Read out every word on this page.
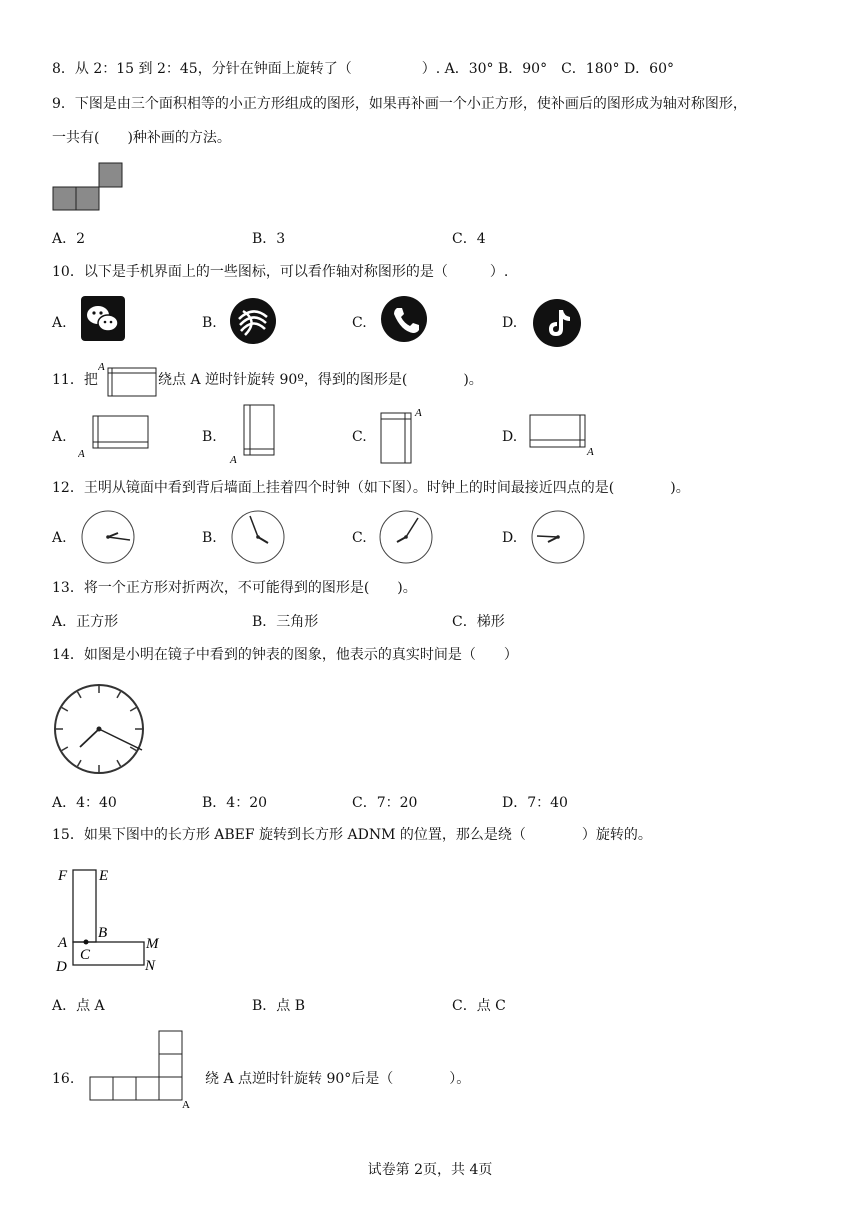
8．从 2：15 到 2：45，分针在钟面上旋转了（　　　　　）. A．30° B．90°　C．180° D．60°
9．下图是由三个面积相等的小正方形组成的图形，如果再补画一个小正方形，使补画后的图形成为轴对称图形，
一共有(　　)种补画的方法。
A．2	B．3	C．4
10．以下是手机界面上的一些图标，可以看作轴对称图形的是（　　　）.
A.	B.	C.	D.
11．把
A
绕点 A 逆时针旋转 90º，得到的图形是(　　　　)。
A.
A
B.
A
C.
A
D.
A
12．王明从镜面中看到背后墙面上挂着四个时钟（如下图）。时钟上的时间最接近四点的是(　　　　)。
A.	B.	C.	D.
13．将一个正方形对折两次，不可能得到的图形是(　　)。
A．正方形	B．三角形	C．梯形
14．如图是小明在镜子中看到的钟表的图象，他表示的真实时间是（　　）
A．4：40	B．4：20	C．7：20	D．7：40
15．如果下图中的长方形 ABEF 旋转到长方形 ADNM 的位置，那么是绕（　　　　）旋转的。
F E
A
B
M
C
D	N
A．点 A	B．点 B	C．点 C
16.
A
绕 A 点逆时针旋转 90°后是（　　　　）。
试卷第 2页，共 4页
